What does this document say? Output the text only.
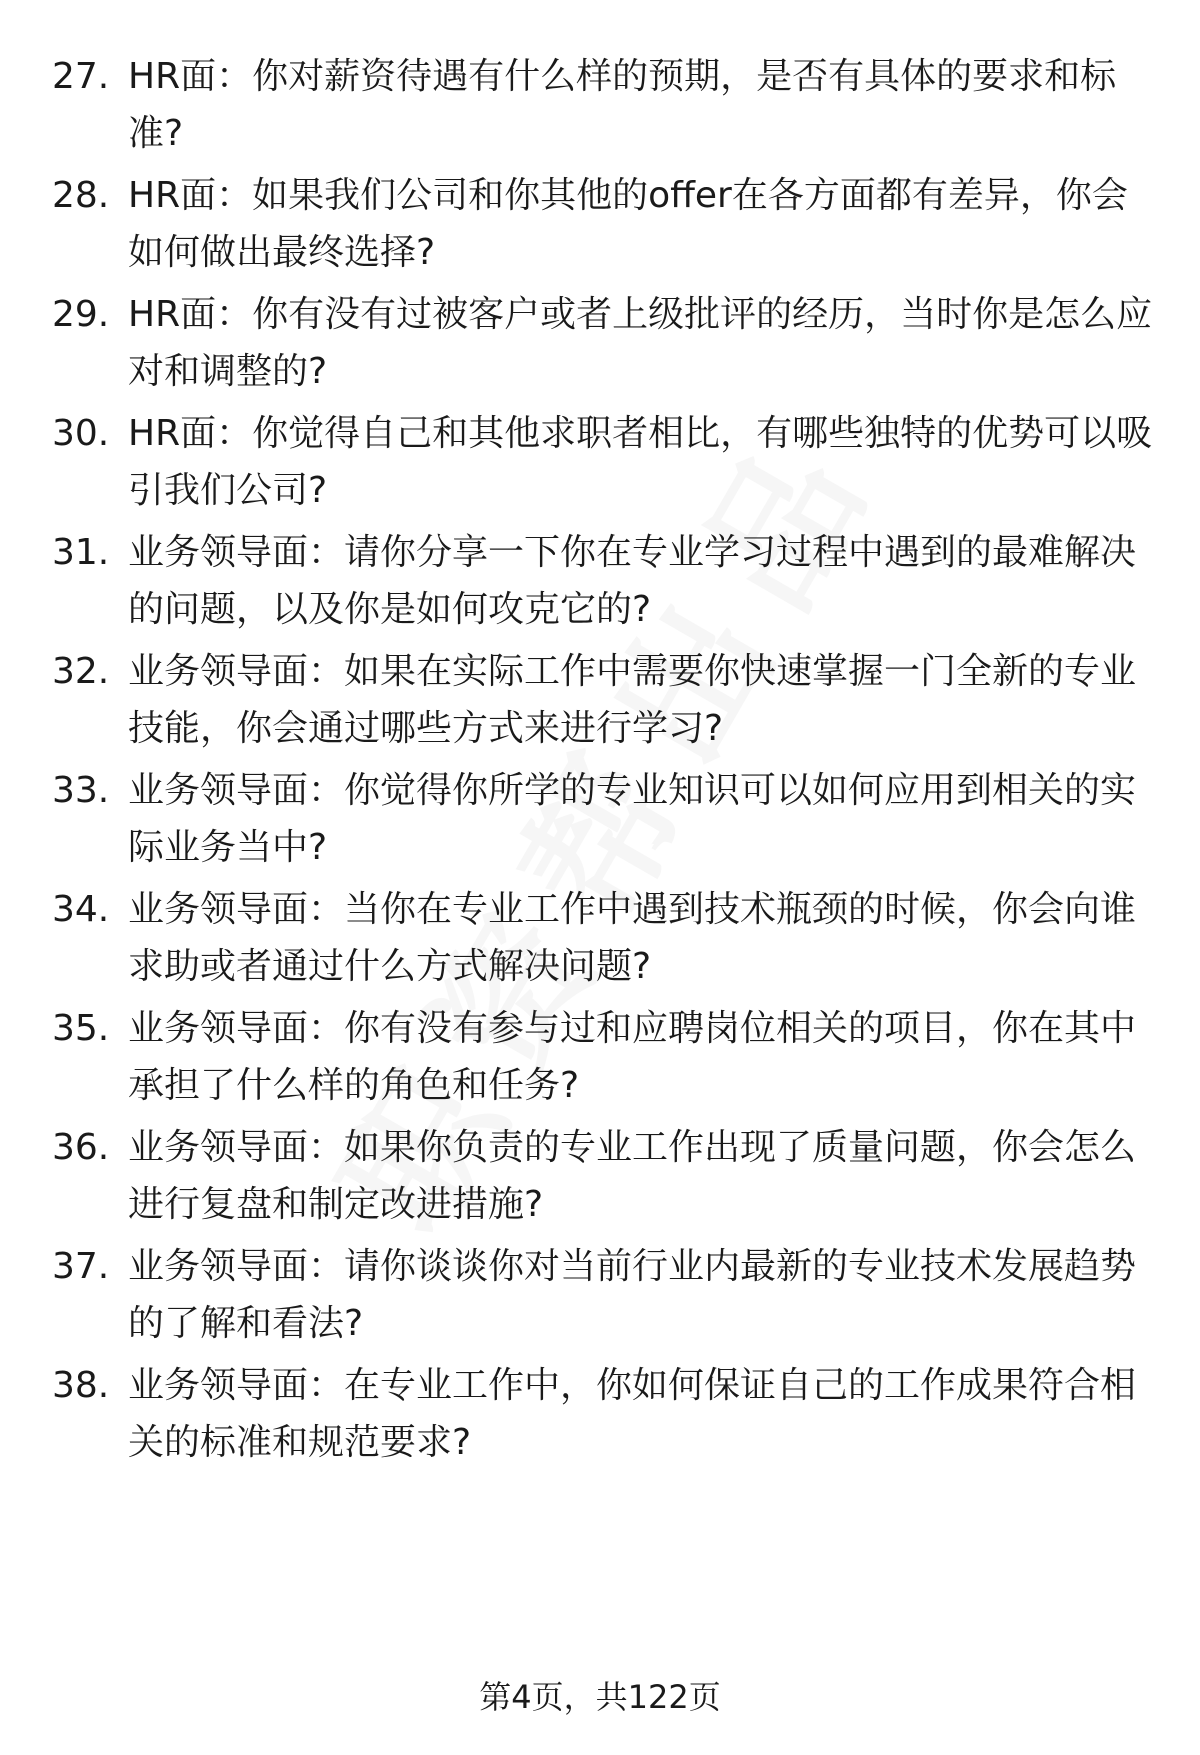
27. HR面：你对薪资待遇有什么样的预期，是否有具体的要求和标准?
28. HR面：如果我们公司和你其他的offer在各方面都有差异，你会如何做出最终选择?
29. HR面：你有没有过被客户或者上级批评的经历，当时你是怎么应对和调整的?
30. HR面：你觉得自己和其他求职者相比，有哪些独特的优势可以吸引我们公司?
31. 业务领导面：请你分享一下你在专业学习过程中遇到的最难解决的问题，以及你是如何攻克它的?
32. 业务领导面：如果在实际工作中需要你快速掌握一门全新的专业技能，你会通过哪些方式来进行学习?
33. 业务领导面：你觉得你所学的专业知识可以如何应用到相关的实际业务当中?
34. 业务领导面：当你在专业工作中遇到技术瓶颈的时候，你会向谁求助或者通过什么方式解决问题?
35. 业务领导面：你有没有参与过和应聘岗位相关的项目，你在其中承担了什么样的角色和任务?
36. 业务领导面：如果你负责的专业工作出现了质量问题，你会怎么进行复盘和制定改进措施?
37. 业务领导面：请你谈谈你对当前行业内最新的专业技术发展趋势的了解和看法?
38. 业务领导面：在专业工作中，你如何保证自己的工作成果符合相关的标准和规范要求?
第4页，共122页
